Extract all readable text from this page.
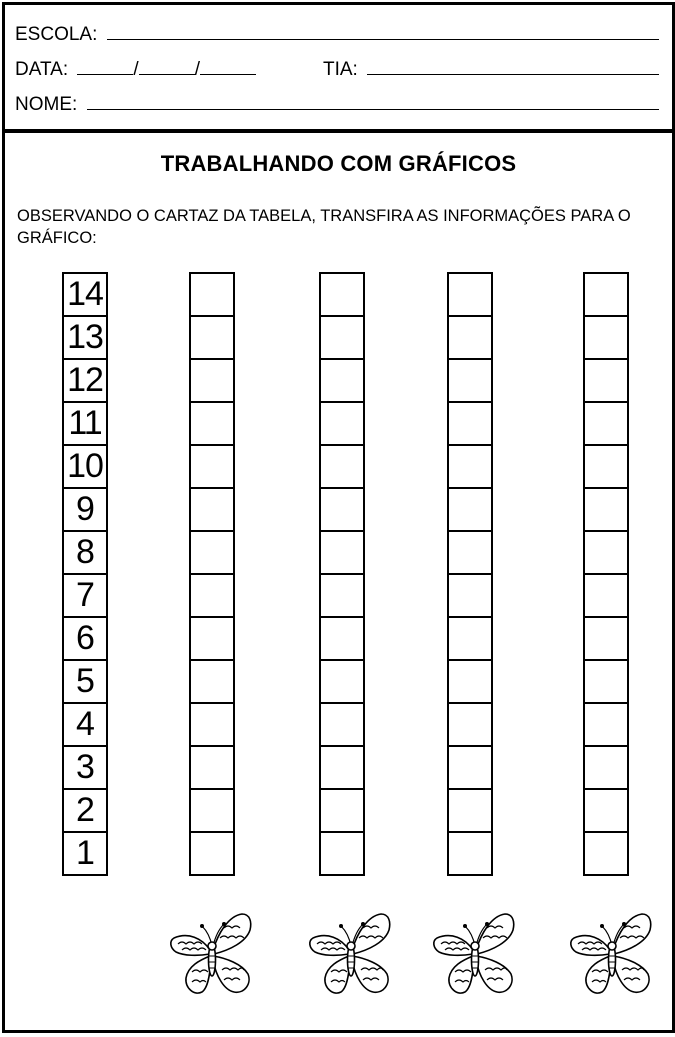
ESCOLA:
DATA:	/	/	TIA:
NOME:
TRABALHANDO COM GRÁFICOS
OBSERVANDO O CARTAZ DA TABELA, TRANSFIRA AS INFORMAÇÕES PARA O GRÁFICO:
14
13
12
11
10
9
8
7
6
5
4
3
2
1
